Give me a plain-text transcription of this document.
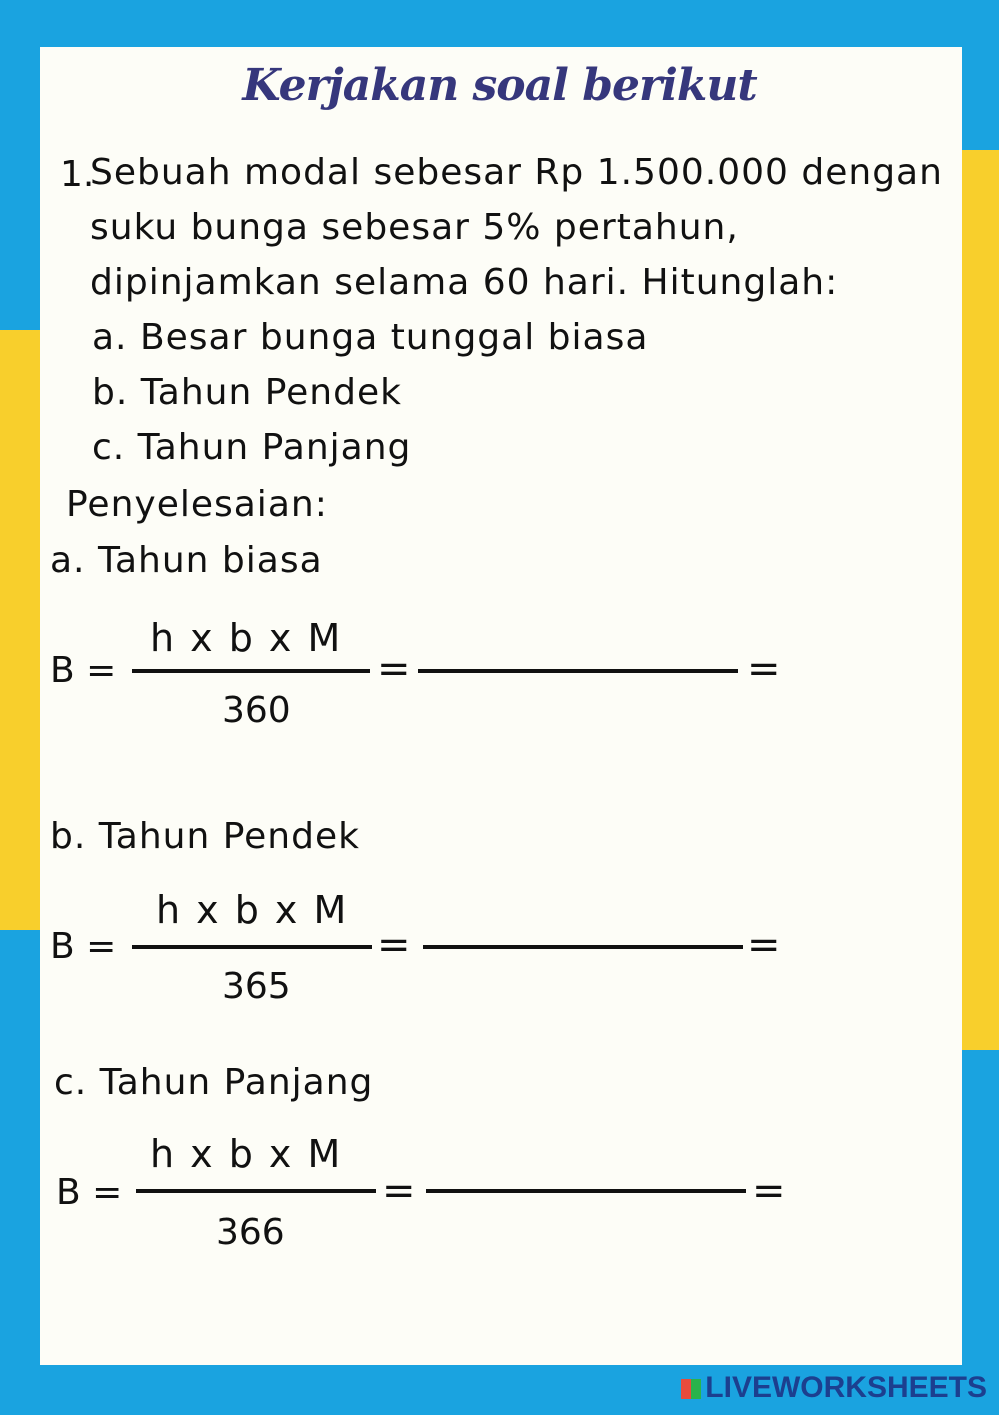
Kerjakan soal berikut
1.
Sebuah modal sebesar Rp 1.500.000 dengan
suku bunga sebesar 5% pertahun,
dipinjamkan selama 60 hari. Hitunglah:
a. Besar bunga tunggal biasa
b. Tahun Pendek
c. Tahun Panjang
Penyelesaian:
a. Tahun biasa
B =
h x b x M
360
=	=
b. Tahun Pendek
B =
h x b x M
365
=	=
c. Tahun Panjang
B =
h x b x M
366
=	=
LIVEWORKSHEETS
